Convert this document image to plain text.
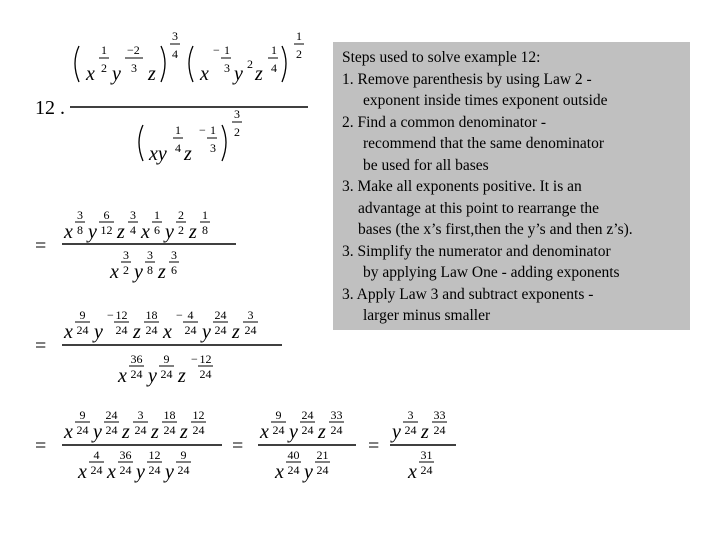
12 .
x
1
2 y
−2
3 z
3
4
x
− 1
3 y 2 z
1
4
1
2
xy
1
4 z
− 1
3
3
2
=
x
3
8 y
6
12 z
3
4 x
1
6 y
2
2 z
1
8
x
3
2 y
3
8 z
3
6
=
x
9
24 y
− 12
24 z
18
24 x
− 4
24 y
24
24 z
3
24
x
36
24 y
9
24 z
− 12
24
=
x
9
24 y
24
24 z
3
24 z
18
24 z
12
24
x
4
24 x
36
24 y
12
24 y
9
24
=
x
9
24 y
24
24 z
33
24
x
40
24 y
21
24
=
y
3
24 z
33
24
x
31
24
Steps used to solve example 12:
1. Remove parenthesis by using Law 2 -
exponent inside times exponent outside
2. Find a common denominator -
recommend that the same denominator
be used for all bases
3. Make all exponents positive. It is an
advantage at this point to rearrange the
bases (the x’s first,then the y’s and then z’s).
3. Simplify the numerator and denominator
by applying Law One - adding exponents
3. Apply Law 3 and subtract exponents -
larger minus smaller
